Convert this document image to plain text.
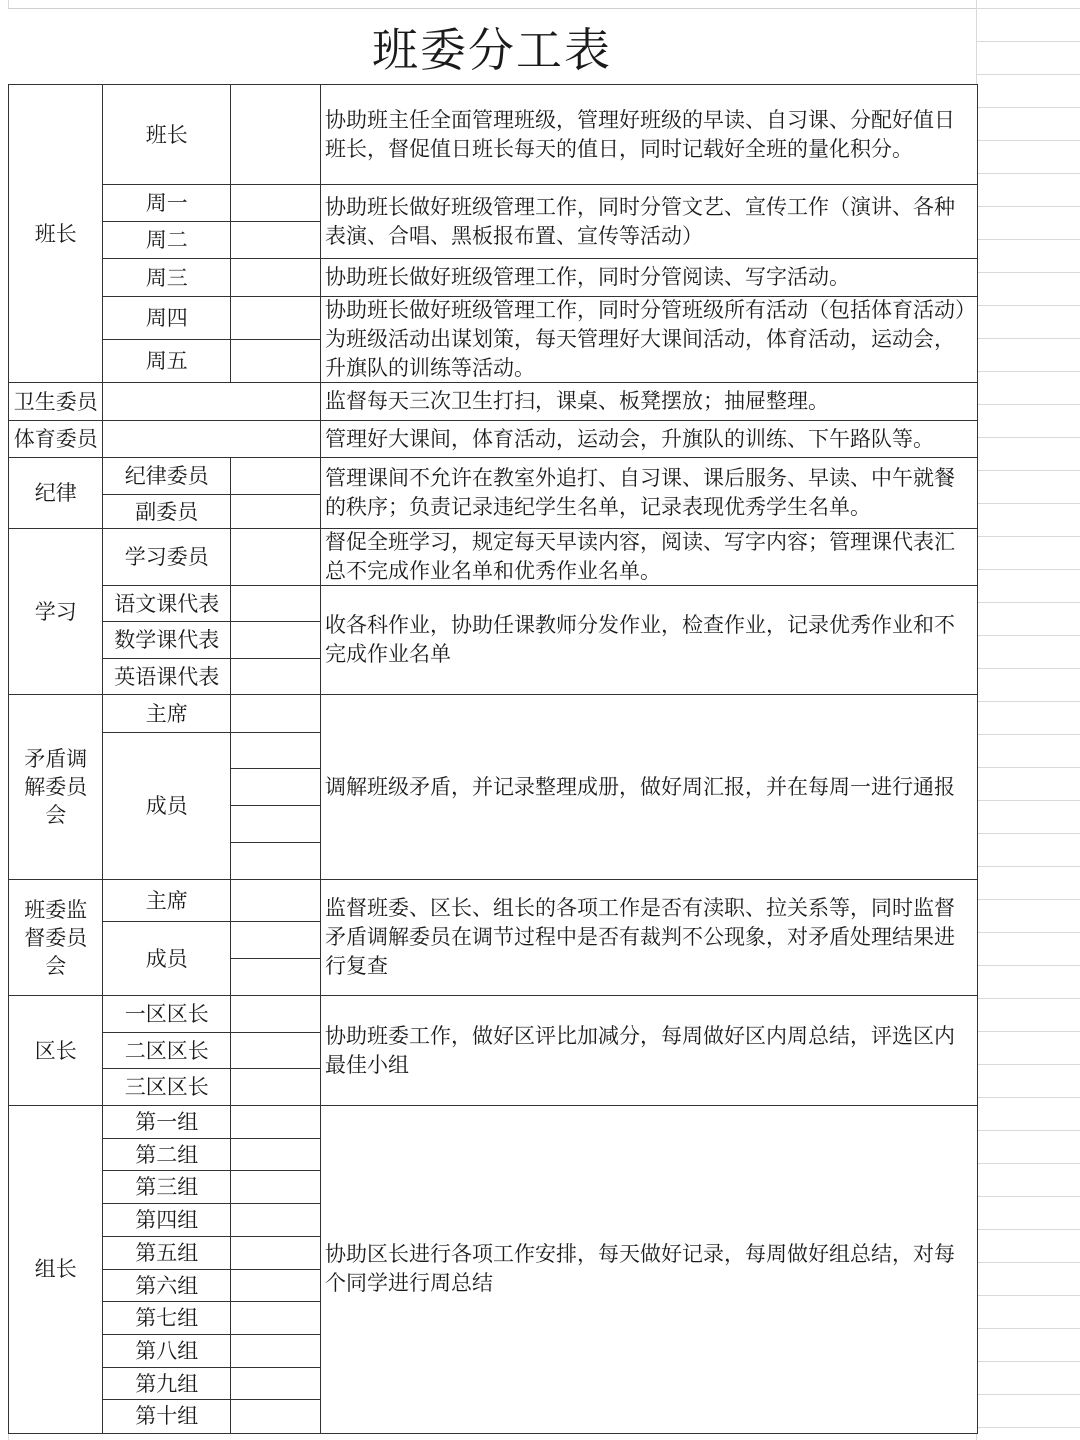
班委分工表
班长
班长
协助班主任全面管理班级，管理好班级的早读、自习课、分配好值日班长，督促值日班长每天的值日，同时记载好全班的量化积分。
周一
周二
周三
周四
周五
协助班长做好班级管理工作，同时分管文艺、宣传工作（演讲、各种表演、合唱、黑板报布置、宣传等活动）
协助班长做好班级管理工作，同时分管阅读、写字活动。
协助班长做好班级管理工作，同时分管班级所有活动（包括体育活动）为班级活动出谋划策，每天管理好大课间活动，体育活动，运动会，升旗队的训练等活动。
卫生委员	监督每天三次卫生打扫，课桌、板凳摆放；抽屉整理。
体育委员	管理好大课间，体育活动，运动会，升旗队的训练、下午路队等。
纪律
纪律委员
副委员
管理课间不允许在教室外追打、自习课、课后服务、早读、中午就餐的秩序；负责记录违纪学生名单，记录表现优秀学生名单。
学习
学习委员
语文课代表
数学课代表
英语课代表
督促全班学习，规定每天早读内容，阅读、写字内容；管理课代表汇总不完成作业名单和优秀作业名单。
收各科作业，协助任课教师分发作业，检查作业，记录优秀作业和不完成作业名单
矛盾调解委员会
主席
成员
调解班级矛盾，并记录整理成册，做好周汇报，并在每周一进行通报
班委监督委员会
主席
成员
监督班委、区长、组长的各项工作是否有渎职、拉关系等，同时监督矛盾调解委员在调节过程中是否有裁判不公现象，对矛盾处理结果进行复查
区长
一区区长
二区区长
三区区长
协助班委工作，做好区评比加减分，每周做好区内周总结，评选区内最佳小组
组长
第一组
第二组
第三组
第四组
第五组
第六组
第七组
第八组
第九组
第十组
协助区长进行各项工作安排，每天做好记录，每周做好组总结，对每个同学进行周总结
